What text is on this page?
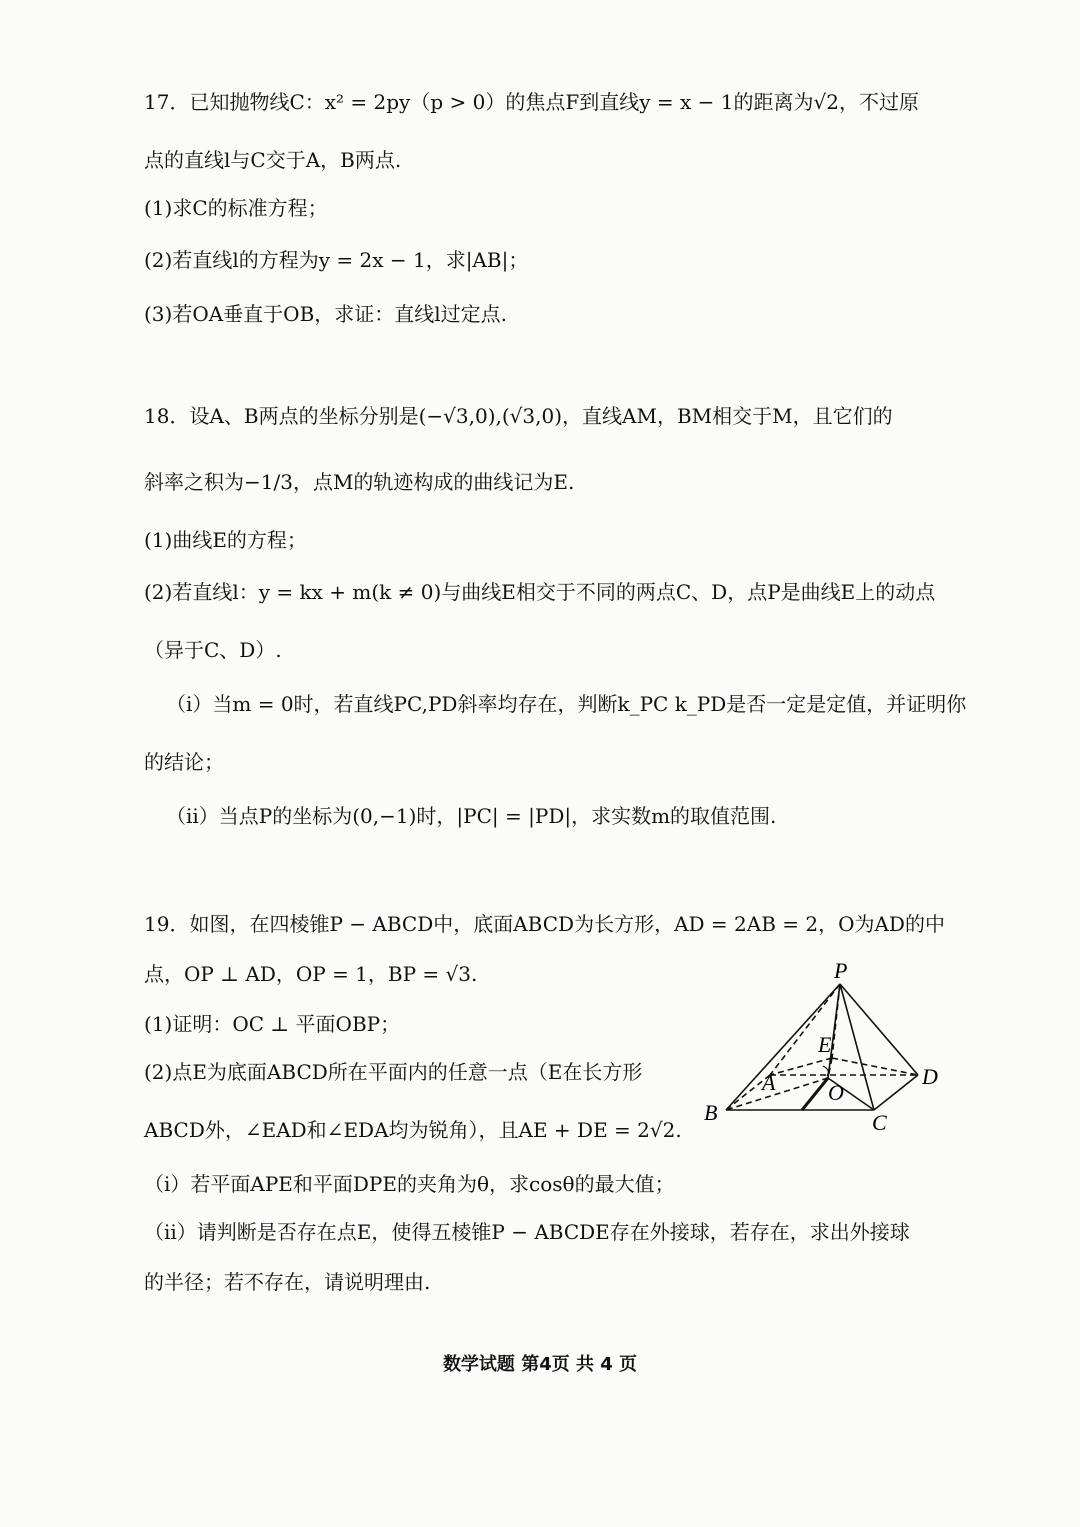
17．已知抛物线C：x² = 2py（p > 0）的焦点F到直线y = x − 1的距离为√2，不过原
点的直线l与C交于A，B两点.
(1)求C的标准方程；
(2)若直线l的方程为y = 2x − 1，求|AB|；
(3)若OA垂直于OB，求证：直线l过定点.
18．设A、B两点的坐标分别是(−√3,0),(√3,0)，直线AM，BM相交于M，且它们的
斜率之积为−1/3，点M的轨迹构成的曲线记为E.
(1)曲线E的方程；
(2)若直线l：y = kx + m(k ≠ 0)与曲线E相交于不同的两点C、D，点P是曲线E上的动点
（异于C、D）.
（i）当m = 0时，若直线PC,PD斜率均存在，判断k_PC k_PD是否一定是定值，并证明你
的结论；
（ii）当点P的坐标为(0,−1)时，|PC| = |PD|，求实数m的取值范围.
19．如图，在四棱锥P − ABCD中，底面ABCD为长方形，AD = 2AB = 2，O为AD的中
点，OP ⊥ AD，OP = 1，BP = √3.
(1)证明：OC ⊥ 平面OBP；
(2)点E为底面ABCD所在平面内的任意一点（E在长方形
ABCD外，∠EAD和∠EDA均为锐角），且AE + DE = 2√2.
（i）若平面APE和平面DPE的夹角为θ，求cosθ的最大值；
（ii）请判断是否存在点E，使得五棱锥P − ABCDE存在外接球，若存在，求出外接球
的半径；若不存在，请说明理由.
P
E
A O
D
B	C
数学试题 第4页 共 4 页
